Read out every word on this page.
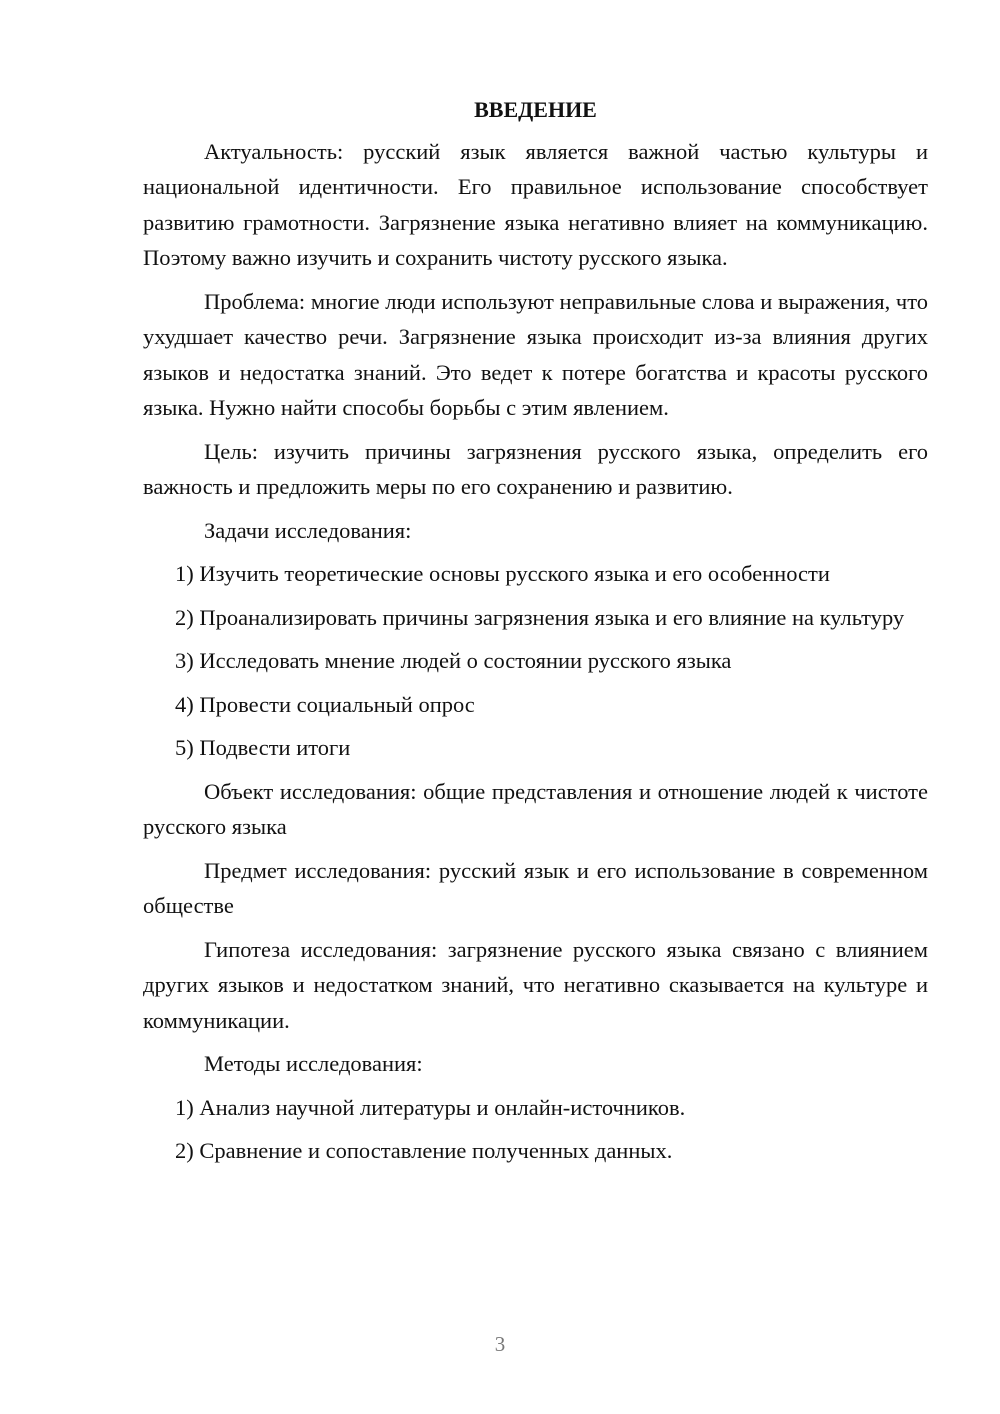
ВВЕДЕНИЕ

Актуальность: русский язык является важной частью культуры и национальной идентичности. Его правильное использование способствует развитию грамотности. Загрязнение языка негативно влияет на коммуникацию. Поэтому важно изучить и сохранить чистоту русского языка.

Проблема: многие люди используют неправильные слова и выражения, что ухудшает качество речи. Загрязнение языка происходит из-за влияния других языков и недостатка знаний. Это ведет к потере богатства и красоты русского языка. Нужно найти способы борьбы с этим явлением.

Цель: изучить причины загрязнения русского языка, определить его важность и предложить меры по его сохранению и развитию.

Задачи исследования:

1) Изучить теоретические основы русского языка и его особенности

2) Проанализировать причины загрязнения языка и его влияние на культуру

3) Исследовать мнение людей о состоянии русского языка

4) Провести социальный опрос

5) Подвести итоги

Объект исследования: общие представления и отношение людей к чистоте русского языка

Предмет исследования: русский язык и его использование в современном обществе

Гипотеза исследования: загрязнение русского языка связано с влиянием других языков и недостатком знаний, что негативно сказывается на культуре и коммуникации.

Методы исследования:

1) Анализ научной литературы и онлайн-источников.

2) Сравнение и сопоставление полученных данных.

3
